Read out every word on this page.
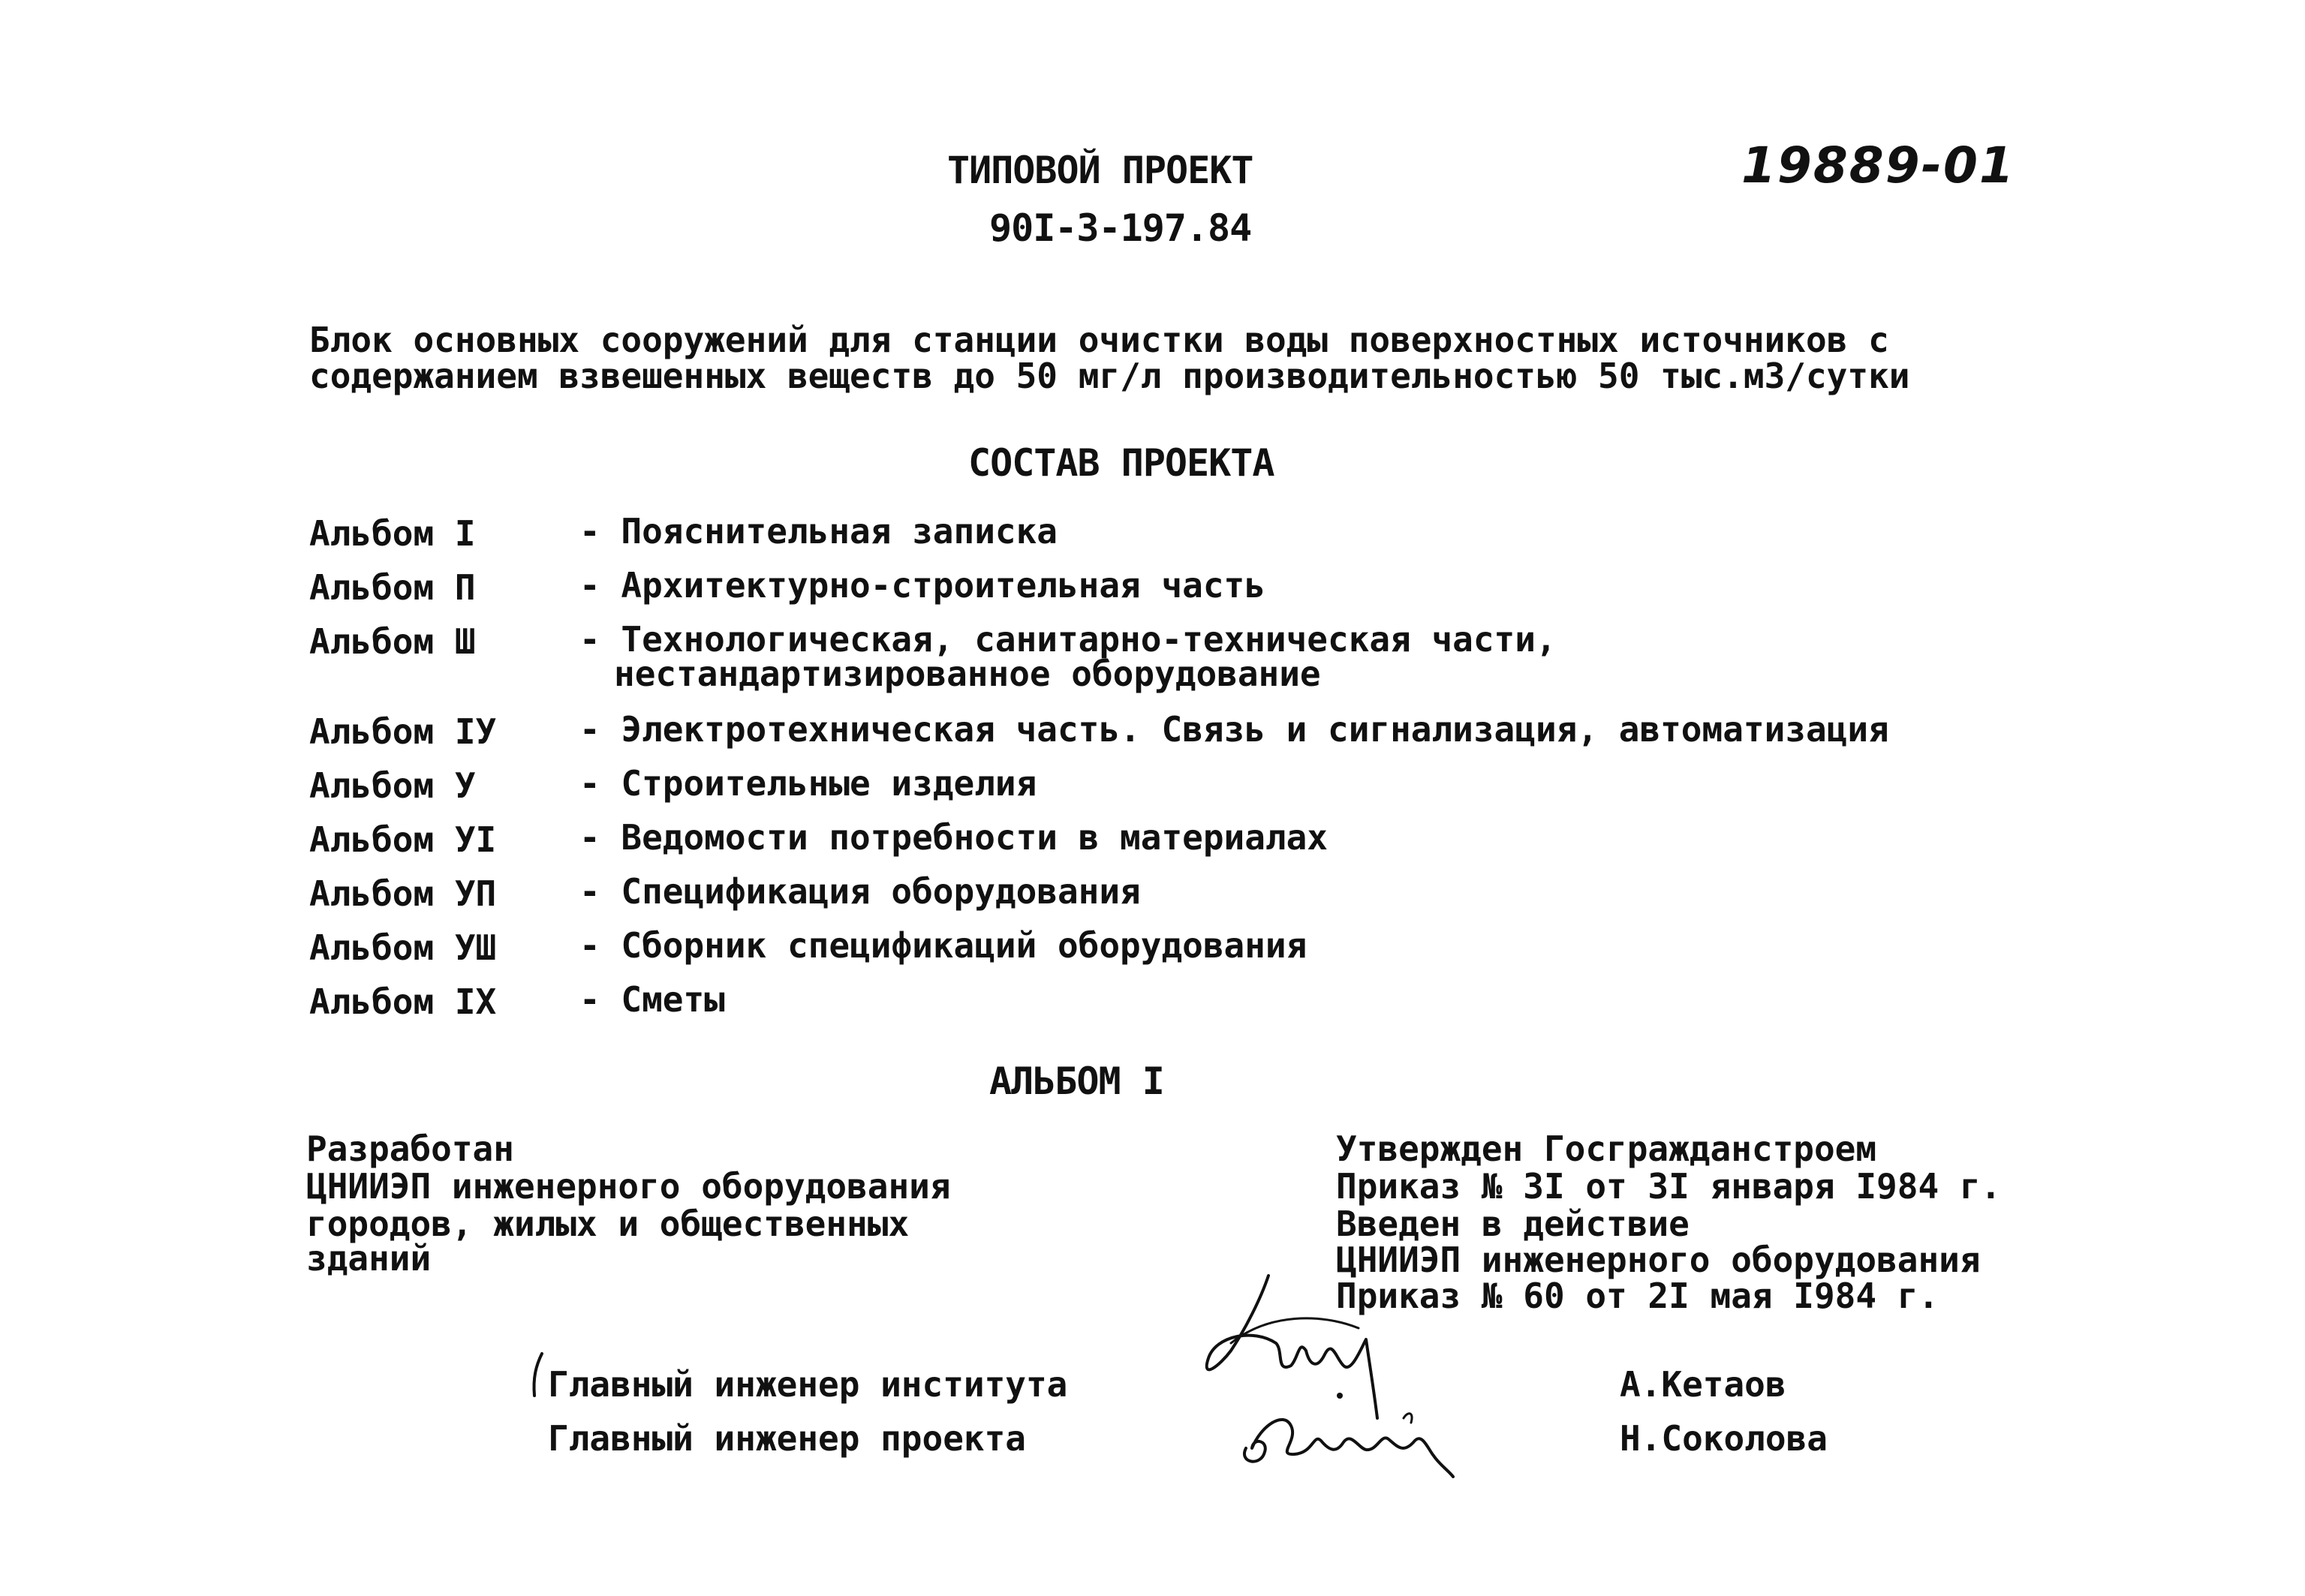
ТИПОВОЙ ПРОЕКТ
90I-3-197.84
19889-01
Блок основных сооружений для станции очистки воды поверхностных источников с
содержанием взвешенных веществ до 50 мг/л производительностью 50 тыс.м3/сутки
СОСТАВ ПРОЕКТА
Альбом I	- Пояснительная записка
Альбом П	- Архитектурно-строительная часть
Альбом Ш	- Технологическая, санитарно-техническая части,
нестандартизированное оборудование
Альбом IУ - Электротехническая часть. Связь и сигнализация, автоматизация
Альбом У	- Строительные изделия
Альбом УI - Ведомости потребности в материалах
Альбом УП - Спецификация оборудования
Альбом УШ - Сборник спецификаций оборудования
Альбом IX - Сметы
АЛЬБОМ I
Разработан
ЦНИИЭП инженерного оборудования
городов, жилых и общественных
зданий
Утвержден Госгражданстроем
Приказ № 3I от 3I января I984 г.
Введен в действие
ЦНИИЭП инженерного оборудования
Приказ № 60 от 2I мая I984 г.
Главный инженер института
Главный инженер проекта
А.Кетаов
Н.Соколова
